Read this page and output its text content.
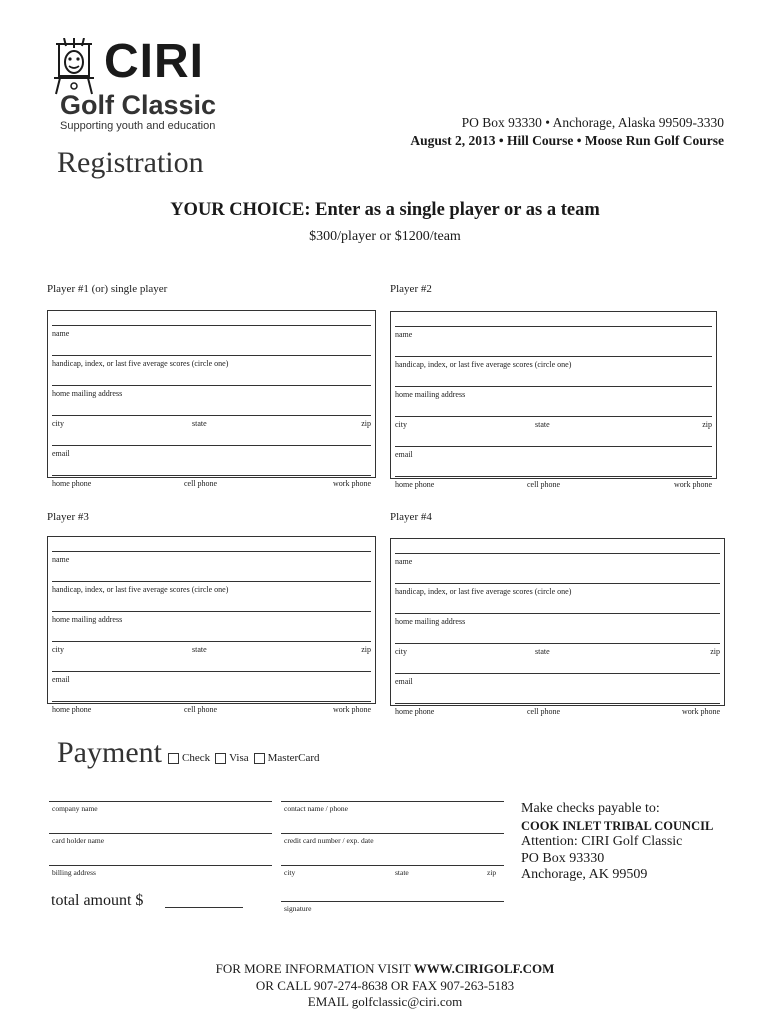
CIRI
Golf Classic
Supporting youth and education	PO Box 93330 • Anchorage, Alaska 99509-3330
August 2, 2013 • Hill Course • Moose Run Golf Course
Registration
YOUR CHOICE: Enter as a single player or as a team
$300/player or $1200/team
Player #1 (or) single player
name
handicap, index, or last five average scores (circle one)
home mailing address
city	state	zip
email
home phone	cell phone	work phone
Player #2
name
handicap, index, or last five average scores (circle one)
home mailing address
city	state	zip
email
home phone	cell phone	work phone
Player #3
name
handicap, index, or last five average scores (circle one)
home mailing address
city	state	zip
email
home phone	cell phone	work phone
Player #4
name
handicap, index, or last five average scores (circle one)
home mailing address
city	state	zip
email
home phone	cell phone	work phone
Payment Check Visa MasterCard
company name
card holder name
billing address
contact name / phone
credit card number / exp. date
city	state	zip
signature
total amount $
Make checks payable to:
COOK INLET TRIBAL COUNCIL
Attention: CIRI Golf Classic
PO Box 93330
Anchorage, AK 99509
FOR MORE INFORMATION VISIT WWW.CIRIGOLF.COM
OR CALL 907-274-8638 OR FAX 907-263-5183
EMAIL golfclassic@ciri.com
